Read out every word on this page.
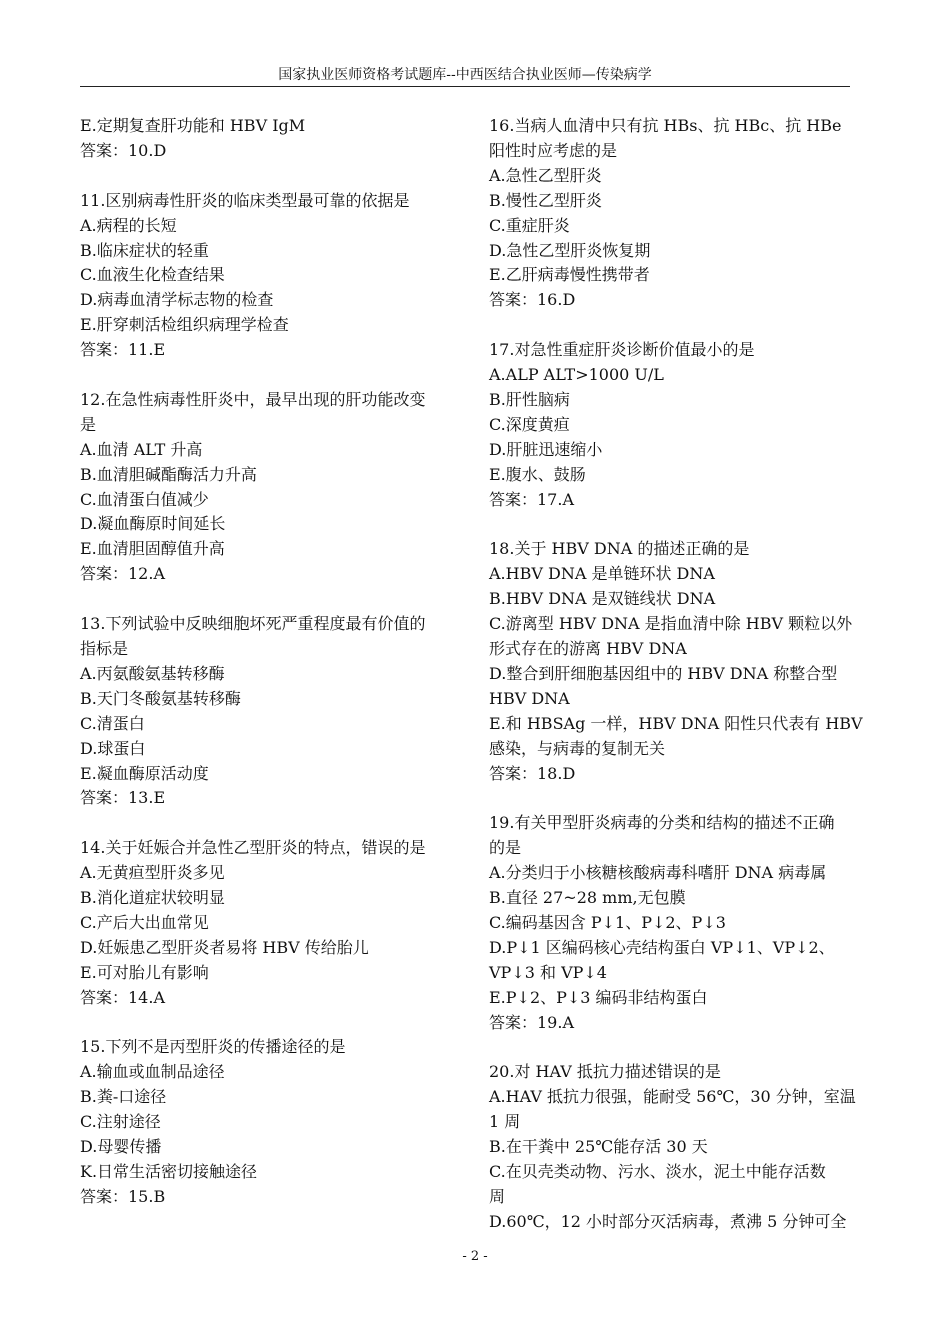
国家执业医师资格考试题库--中西医结合执业医师—传染病学
E.定期复查肝功能和 HBV IgM
答案：10.D
11.区别病毒性肝炎的临床类型最可靠的依据是
A.病程的长短
B.临床症状的轻重
C.血液生化检查结果
D.病毒血清学标志物的检查
E.肝穿刺活检组织病理学检查
答案：11.E
12.在急性病毒性肝炎中，最早出现的肝功能改变
是
A.血清 ALT 升高
B.血清胆碱酯酶活力升高
C.血清蛋白值减少
D.凝血酶原时间延长
E.血清胆固醇值升高
答案：12.A
13.下列试验中反映细胞坏死严重程度最有价值的
指标是
A.丙氨酸氨基转移酶
B.天门冬酸氨基转移酶
C.清蛋白
D.球蛋白
E.凝血酶原活动度
答案：13.E
14.关于妊娠合并急性乙型肝炎的特点，错误的是
A.无黄疸型肝炎多见
B.消化道症状较明显
C.产后大出血常见
D.妊娠患乙型肝炎者易将 HBV 传给胎儿
E.可对胎儿有影响
答案：14.A
15.下列不是丙型肝炎的传播途径的是
A.输血或血制品途径
B.粪-口途径
C.注射途径
D.母婴传播
K.日常生活密切接触途径
答案：15.B
16.当病人血清中只有抗 HBs、抗 HBc、抗 HBe
阳性时应考虑的是
A.急性乙型肝炎
B.慢性乙型肝炎
C.重症肝炎
D.急性乙型肝炎恢复期
E.乙肝病毒慢性携带者
答案：16.D
17.对急性重症肝炎诊断价值最小的是
A.ALP ALT>1000 U/L
B.肝性脑病
C.深度黄疸
D.肝脏迅速缩小
E.腹水、鼓肠
答案：17.A
18.关于 HBV DNA 的描述正确的是
A.HBV DNA 是单链环状 DNA
B.HBV DNA 是双链线状 DNA
C.游离型 HBV DNA 是指血清中除 HBV 颗粒以外
形式存在的游离 HBV DNA
D.整合到肝细胞基因组中的 HBV DNA 称整合型
HBV DNA
E.和 HBSAg 一样，HBV DNA 阳性只代表有 HBV
感染，与病毒的复制无关
答案：18.D
19.有关甲型肝炎病毒的分类和结构的描述不正确
的是
A.分类归于小核糖核酸病毒科嗜肝 DNA 病毒属
B.直径 27~28 mm,无包膜
C.编码基因含 P↓1、P↓2、P↓3
D.P↓1 区编码核心壳结构蛋白 VP↓1、VP↓2、
VP↓3 和 VP↓4
E.P↓2、P↓3 编码非结构蛋白
答案：19.A
20.对 HAV 抵抗力描述错误的是
A.HAV 抵抗力很强，能耐受 56℃，30 分钟，室温
1 周
B.在干粪中 25℃能存活 30 天
C.在贝壳类动物、污水、淡水，泥土中能存活数
周
D.60℃，12 小时部分灭活病毒，煮沸 5 分钟可全
- 2 -
